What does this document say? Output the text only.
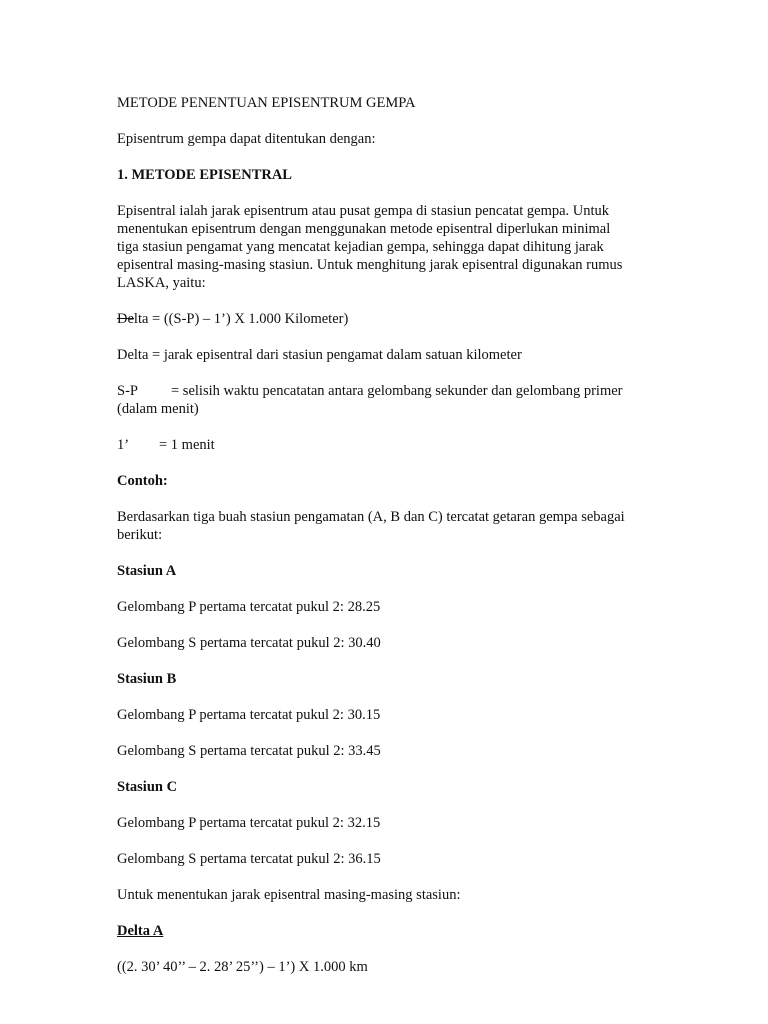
METODE PENENTUAN EPISENTRUM GEMPA
Episentrum gempa dapat ditentukan dengan:
1. METODE EPISENTRAL
Episentral ialah jarak episentrum atau pusat gempa di stasiun pencatat gempa. Untuk
menentukan episentrum dengan menggunakan metode episentral diperlukan minimal
tiga stasiun pengamat yang mencatat kejadian gempa, sehingga dapat dihitung jarak
episentral masing-masing stasiun. Untuk menghitung jarak episentral digunakan rumus
LASKA, yaitu:
Delta = ((S-P) – 1’) X 1.000 Kilometer)
Delta = jarak episentral dari stasiun pengamat dalam satuan kilometer
S-P = selisih waktu pencatatan antara gelombang sekunder dan gelombang primer
(dalam menit)
1’ = 1 menit
Contoh:
Berdasarkan tiga buah stasiun pengamatan (A, B dan C) tercatat getaran gempa sebagai
berikut:
Stasiun A
Gelombang P pertama tercatat pukul 2: 28.25
Gelombang S pertama tercatat pukul 2: 30.40
Stasiun B
Gelombang P pertama tercatat pukul 2: 30.15
Gelombang S pertama tercatat pukul 2: 33.45
Stasiun C
Gelombang P pertama tercatat pukul 2: 32.15
Gelombang S pertama tercatat pukul 2: 36.15
Untuk menentukan jarak episentral masing-masing stasiun:
Delta A
((2. 30’ 40’’ – 2. 28’ 25’’) – 1’) X 1.000 km
